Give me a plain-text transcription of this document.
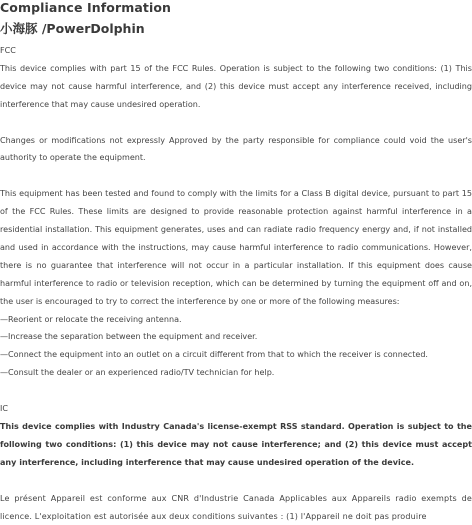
Compliance Information
小海豚 /PowerDolphin

FCC

This device complies with part 15 of the FCC Rules. Operation is subject to the following two conditions: (1) This device may not cause harmful interference, and (2) this device must accept any interference received, including interference that may cause undesired operation.

Changes or modifications not expressly Approved by the party responsible for compliance could void the user's authority to operate the equipment.

This equipment has been tested and found to comply with the limits for a Class B digital device, pursuant to part 15 of the FCC Rules. These limits are designed to provide reasonable protection against harmful interference in a residential installation. This equipment generates, uses and can radiate radio frequency energy and, if not installed and used in accordance with the instructions, may cause harmful interference to radio communications. However, there is no guarantee that interference will not occur in a particular installation. If this equipment does cause harmful interference to radio or television reception, which can be determined by turning the equipment off and on, the user is encouraged to try to correct the interference by one or more of the following measures:

—Reorient or relocate the receiving antenna.

—Increase the separation between the equipment and receiver.

—Connect the equipment into an outlet on a circuit different from that to which the receiver is connected.

—Consult the dealer or an experienced radio/TV technician for help.

IC

This device complies with Industry Canada's license-exempt RSS standard. Operation is subject to the following two conditions: (1) this device may not cause interference; and (2) this device must accept any interference, including interference that may cause undesired operation of the device.

Le présent Appareil est conforme aux CNR d'Industrie Canada Applicables aux Appareils radio exempts de licence. L'exploitation est autorisée aux deux conditions suivantes : (1) l'Appareil ne doit pas produire
